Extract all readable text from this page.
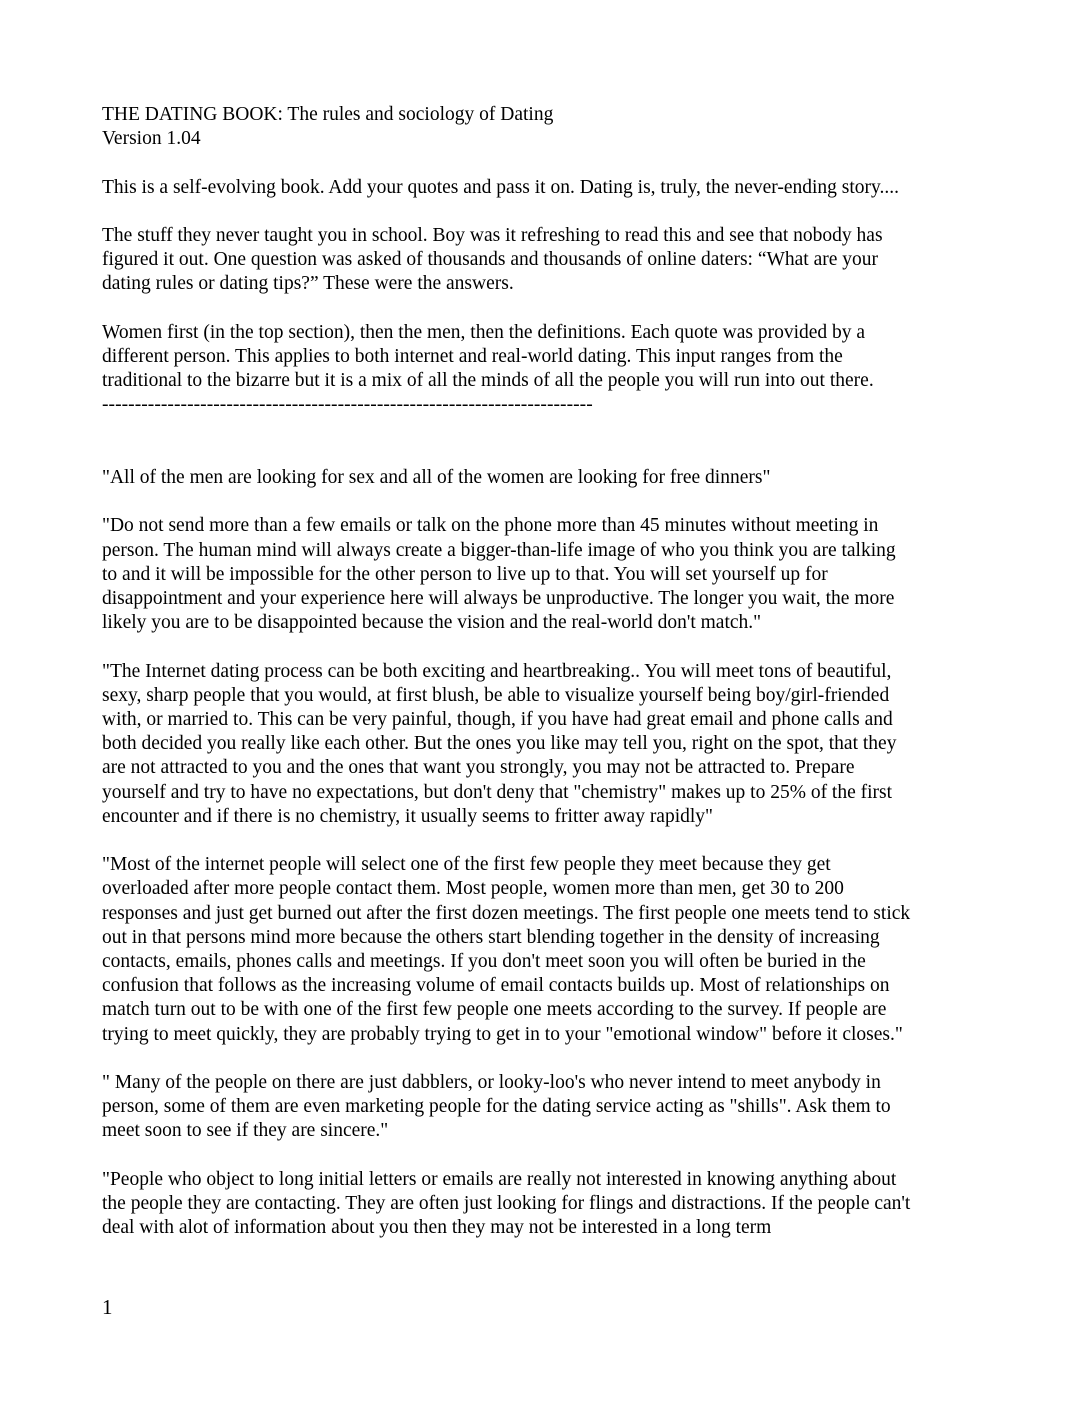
THE DATING BOOK: The rules and sociology of Dating
Version 1.04
This is a self-evolving book. Add your quotes and pass it on. Dating is, truly, the never-ending story....
The stuff they never taught you in school. Boy was it refreshing to read this and see that nobody has
figured it out. One question was asked of thousands and thousands of online daters: “What are your
dating rules or dating tips?” These were the answers.
Women first (in the top section), then the men, then the definitions. Each quote was provided by a
different person. This applies to both internet and real-world dating. This input ranges from the
traditional to the bizarre but it is a mix of all the minds of all the people you will run into out there.
---------------------------------------------------------------------------
"All of the men are looking for sex and all of the women are looking for free dinners"
"Do not send more than a few emails or talk on the phone more than 45 minutes without meeting in
person. The human mind will always create a bigger-than-life image of who you think you are talking
to and it will be impossible for the other person to live up to that. You will set yourself up for
disappointment and your experience here will always be unproductive. The longer you wait, the more
likely you are to be disappointed because the vision and the real-world don't match."
"The Internet dating process can be both exciting and heartbreaking.. You will meet tons of beautiful,
sexy, sharp people that you would, at first blush, be able to visualize yourself being boy/girl-friended
with, or married to. This can be very painful, though, if you have had great email and phone calls and
both decided you really like each other. But the ones you like may tell you, right on the spot, that they
are not attracted to you and the ones that want you strongly, you may not be attracted to. Prepare
yourself and try to have no expectations, but don't deny that "chemistry" makes up to 25% of the first
encounter and if there is no chemistry, it usually seems to fritter away rapidly"
"Most of the internet people will select one of the first few people they meet because they get
overloaded after more people contact them. Most people, women more than men, get 30 to 200
responses and just get burned out after the first dozen meetings. The first people one meets tend to stick
out in that persons mind more because the others start blending together in the density of increasing
contacts, emails, phones calls and meetings. If you don't meet soon you will often be buried in the
confusion that follows as the increasing volume of email contacts builds up. Most of relationships on
match turn out to be with one of the first few people one meets according to the survey. If people are
trying to meet quickly, they are probably trying to get in to your "emotional window" before it closes."
" Many of the people on there are just dabblers, or looky-loo's who never intend to meet anybody in
person, some of them are even marketing people for the dating service acting as "shills". Ask them to
meet soon to see if they are sincere."
"People who object to long initial letters or emails are really not interested in knowing anything about
the people they are contacting. They are often just looking for flings and distractions. If the people can't
deal with alot of information about you then they may not be interested in a long term
1
